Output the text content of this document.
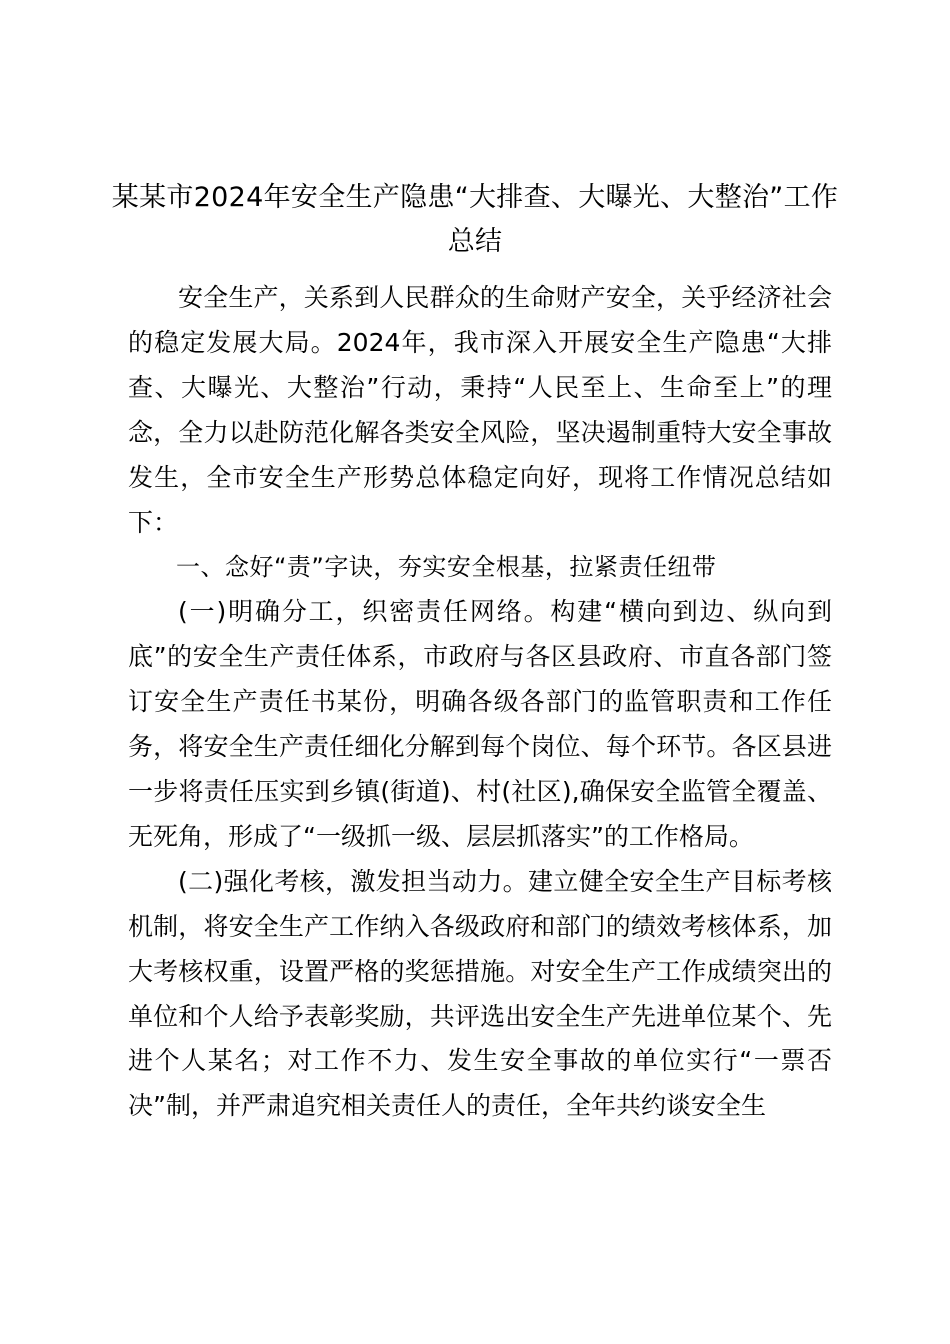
某某市2024年安全生产隐患“大排查、大曝光、大整治”工作总结

安全生产，关系到人民群众的生命财产安全，关乎经济社会的稳定发展大局。2024年，我市深入开展安全生产隐患“大排查、大曝光、大整治”行动，秉持“人民至上、生命至上”的理念，全力以赴防范化解各类安全风险，坚决遏制重特大安全事故发生，全市安全生产形势总体稳定向好，现将工作情况总结如下：

一、念好“责”字诀，夯实安全根基，拉紧责任纽带

(一)明确分工，织密责任网络。构建“横向到边、纵向到底”的安全生产责任体系，市政府与各区县政府、市直各部门签订安全生产责任书某份，明确各级各部门的监管职责和工作任务，将安全生产责任细化分解到每个岗位、每个环节。各区县进一步将责任压实到乡镇(街道)、村(社区),确保安全监管全覆盖、无死角，形成了“一级抓一级、层层抓落实”的工作格局。

(二)强化考核，激发担当动力。建立健全安全生产目标考核机制，将安全生产工作纳入各级政府和部门的绩效考核体系，加大考核权重，设置严格的奖惩措施。对安全生产工作成绩突出的单位和个人给予表彰奖励，共评选出安全生产先进单位某个、先进个人某名；对工作不力、发生安全事故的单位实行“一票否决”制，并严肃追究相关责任人的责任，全年共约谈安全生
